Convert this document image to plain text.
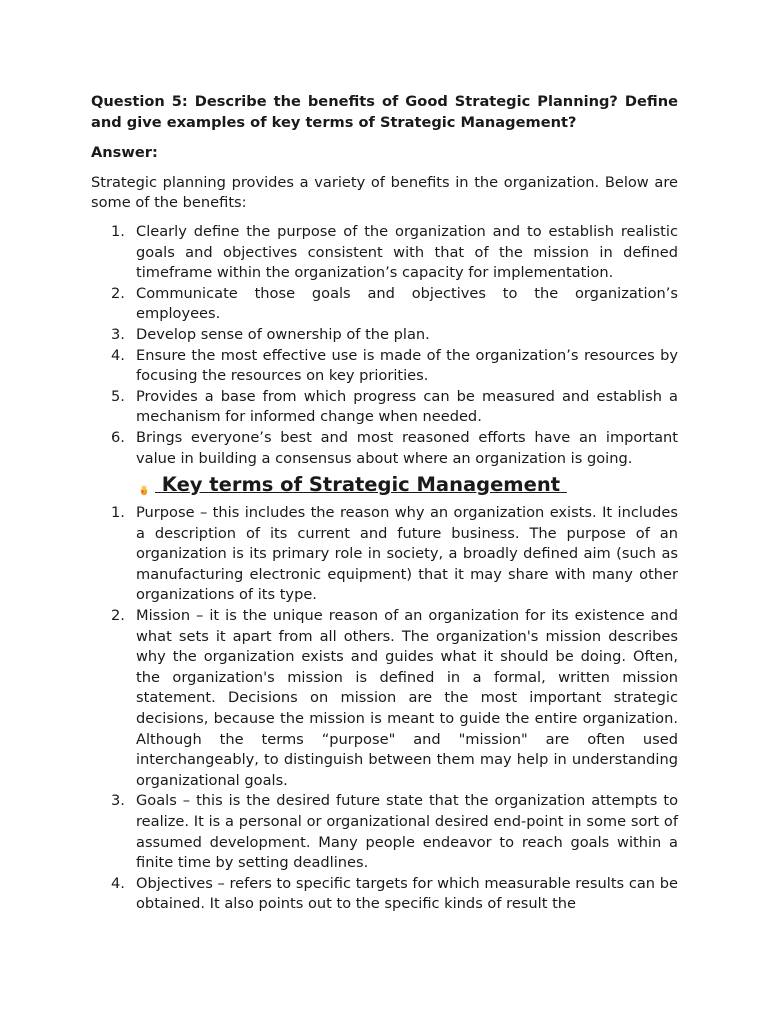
Question 5: Describe the benefits of Good Strategic Planning? Define and give examples of key terms of Strategic Management?

Answer:

Strategic planning provides a variety of benefits in the organization. Below are some of the benefits:

1. Clearly define the purpose of the organization and to establish realistic goals and objectives consistent with that of the mission in defined timeframe within the organization’s capacity for implementation.
2. Communicate those goals and objectives to the organization’s employees.
3. Develop sense of ownership of the plan.
4. Ensure the most effective use is made of the organization’s resources by focusing the resources on key priorities.
5. Provides a base from which progress can be measured and establish a mechanism for informed change when needed.
6. Brings everyone’s best and most reasoned efforts have an important value in building a consensus about where an organization is going.
Key terms of Strategic Management
1. Purpose – this includes the reason why an organization exists. It includes a description of its current and future business. The purpose of an organization is its primary role in society, a broadly defined aim (such as manufacturing electronic equipment) that it may share with many other organizations of its type.
2. Mission – it is the unique reason of an organization for its existence and what sets it apart from all others. The organization's mission describes why the organization exists and guides what it should be doing. Often, the organization's mission is defined in a formal, written mission statement. Decisions on mission are the most important strategic decisions, because the mission is meant to guide the entire organization. Although the terms “purpose" and "mission" are often used interchangeably, to distinguish between them may help in understanding organizational goals.
3. Goals – this is the desired future state that the organization attempts to realize. It is a personal or organizational desired end-point in some sort of assumed development. Many people endeavor to reach goals within a finite time by setting deadlines.
4. Objectives – refers to specific targets for which measurable results can be obtained. It also points out to the specific kinds of result the
